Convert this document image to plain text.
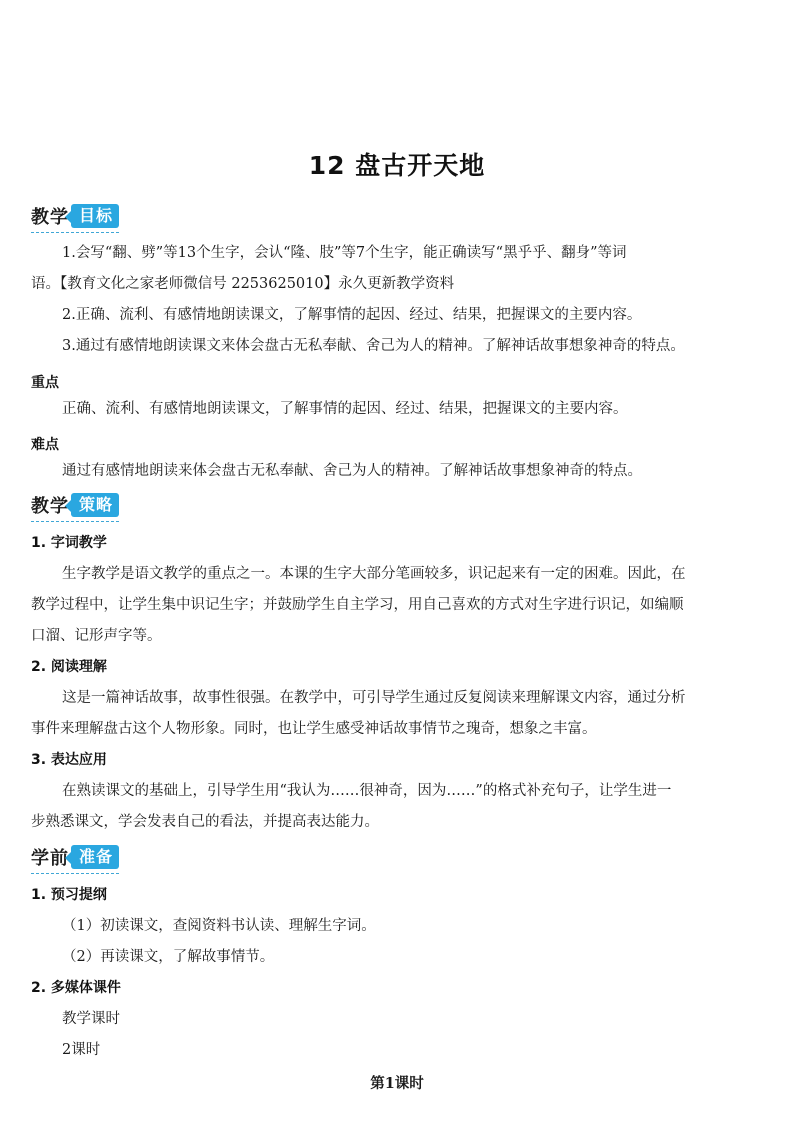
12 盘古开天地
教学 目标
1.会写“翻、劈”等13个生字，会认“隆、肢”等7个生字，能正确读写“黑乎乎、翻身”等词
语。【教育文化之家老师微信号 2253625010】永久更新教学资料
2.正确、流利、有感情地朗读课文，了解事情的起因、经过、结果，把握课文的主要内容。
3.通过有感情地朗读课文来体会盘古无私奉献、舍己为人的精神。了解神话故事想象神奇的特点。
重点
正确、流利、有感情地朗读课文，了解事情的起因、经过、结果，把握课文的主要内容。
难点
通过有感情地朗读来体会盘古无私奉献、舍己为人的精神。了解神话故事想象神奇的特点。
教学 策略
1. 字词教学
生字教学是语文教学的重点之一。本课的生字大部分笔画较多，识记起来有一定的困难。因此，在
教学过程中，让学生集中识记生字；并鼓励学生自主学习，用自己喜欢的方式对生字进行识记，如编顺
口溜、记形声字等。
2. 阅读理解
这是一篇神话故事，故事性很强。在教学中，可引导学生通过反复阅读来理解课文内容，通过分析
事件来理解盘古这个人物形象。同时，也让学生感受神话故事情节之瑰奇，想象之丰富。
3. 表达应用
在熟读课文的基础上，引导学生用“我认为……很神奇，因为……”的格式补充句子，让学生进一
步熟悉课文，学会发表自己的看法，并提高表达能力。
学前 准备
1. 预习提纲
（1）初读课文，查阅资料书认读、理解生字词。
（2）再读课文，了解故事情节。
2. 多媒体课件
教学课时
2课时
第1课时
